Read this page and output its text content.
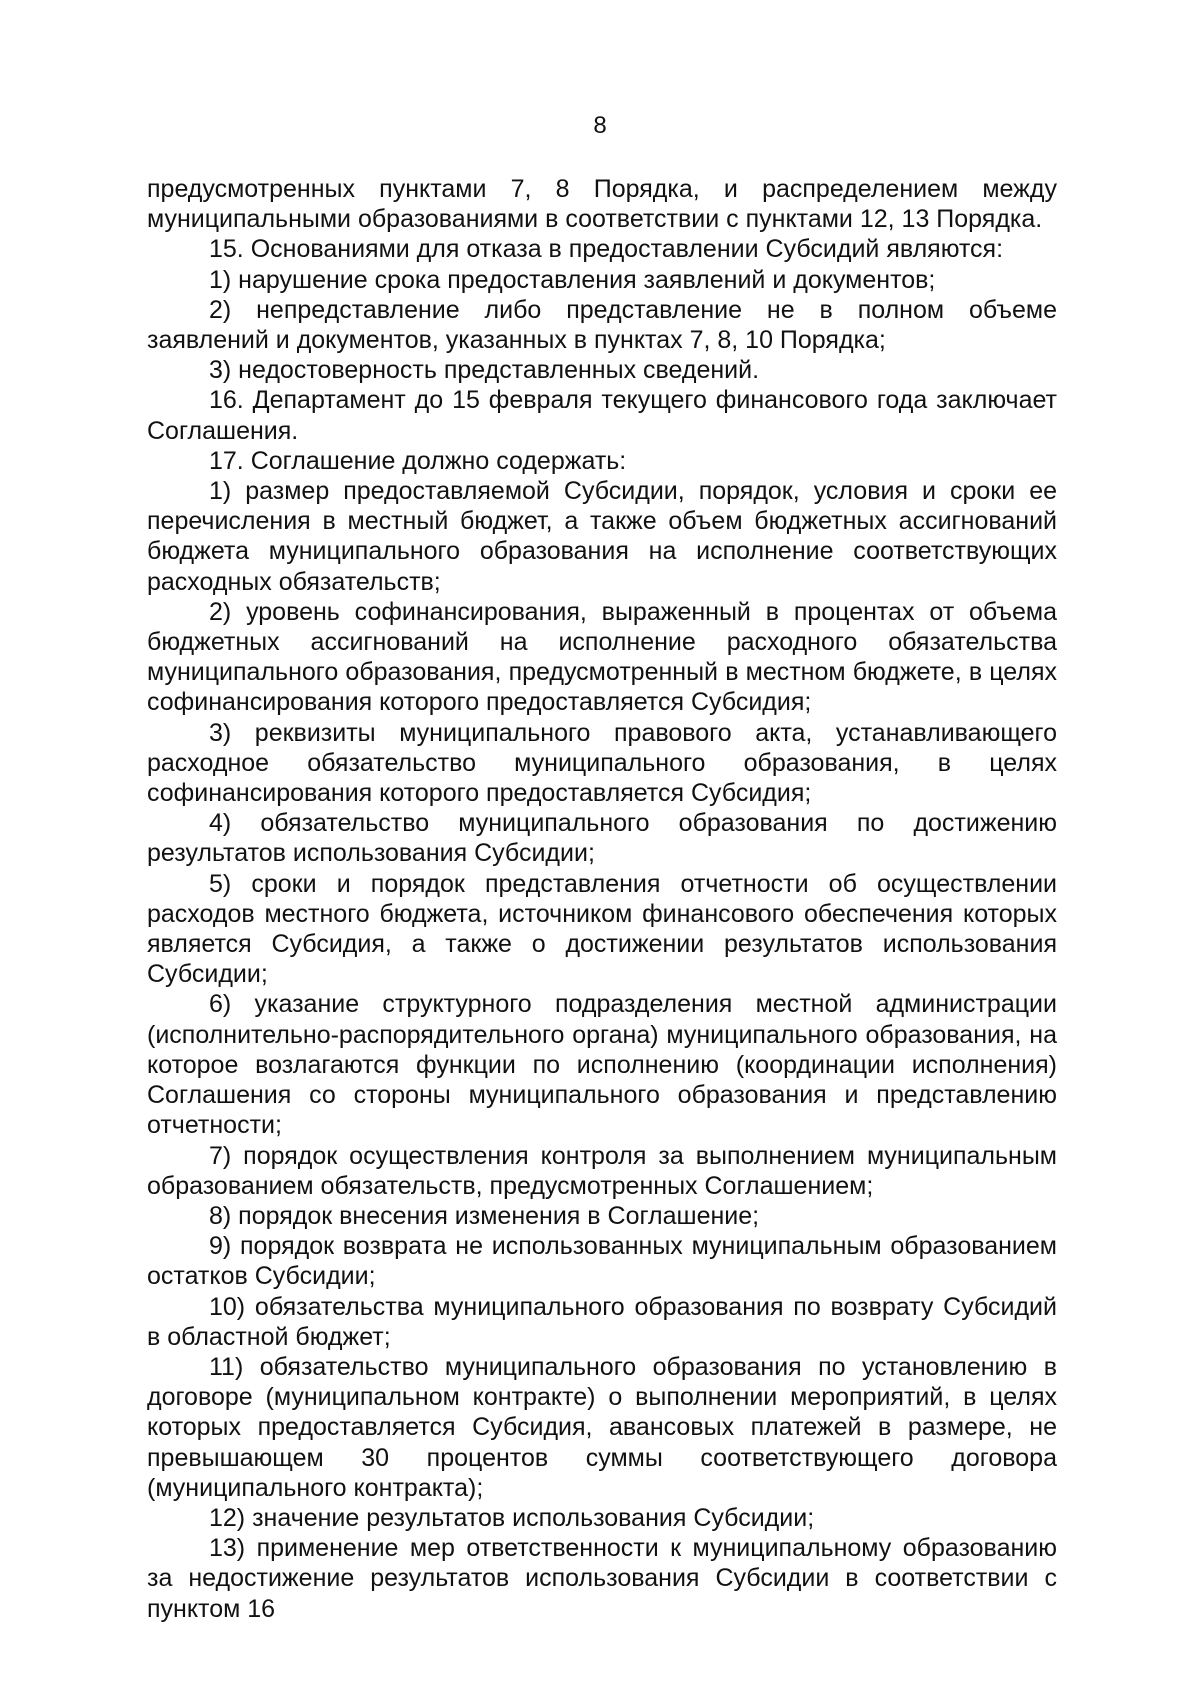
8

предусмотренных пунктами 7, 8 Порядка, и распределением между муниципальными образованиями в соответствии с пунктами 12, 13 Порядка.

15. Основаниями для отказа в предоставлении Субсидий являются:

1) нарушение срока предоставления заявлений и документов;

2) непредставление либо представление не в полном объеме заявлений и документов, указанных в пунктах 7, 8, 10 Порядка;

3) недостоверность представленных сведений.

16. Департамент до 15 февраля текущего финансового года заключает Соглашения.

17. Соглашение должно содержать:

1) размер предоставляемой Субсидии, порядок, условия и сроки ее перечисления в местный бюджет, а также объем бюджетных ассигнований бюджета муниципального образования на исполнение соответствующих расходных обязательств;

2) уровень софинансирования, выраженный в процентах от объема бюджетных ассигнований на исполнение расходного обязательства муниципального образования, предусмотренный в местном бюджете, в целях софинансирования которого предоставляется Субсидия;

3) реквизиты муниципального правового акта, устанавливающего расходное обязательство муниципального образования, в целях софинансирования которого предоставляется Субсидия;

4) обязательство муниципального образования по достижению результатов использования Субсидии;

5) сроки и порядок представления отчетности об осуществлении расходов местного бюджета, источником финансового обеспечения которых является Субсидия, а также о достижении результатов использования Субсидии;

6) указание структурного подразделения местной администрации (исполнительно-распорядительного органа) муниципального образования, на которое возлагаются функции по исполнению (координации исполнения) Соглашения со стороны муниципального образования и представлению отчетности;

7) порядок осуществления контроля за выполнением муниципальным образованием обязательств, предусмотренных Соглашением;

8) порядок внесения изменения в Соглашение;

9) порядок возврата не использованных муниципальным образованием остатков Субсидии;

10) обязательства муниципального образования по возврату Субсидий в областной бюджет;

11) обязательство муниципального образования по установлению в договоре (муниципальном контракте) о выполнении мероприятий, в целях которых предоставляется Субсидия, авансовых платежей в размере, не превышающем 30 процентов суммы соответствующего договора (муниципального контракта);

12) значение результатов использования Субсидии;

13) применение мер ответственности к муниципальному образованию за недостижение результатов использования Субсидии в соответствии с пунктом 16
